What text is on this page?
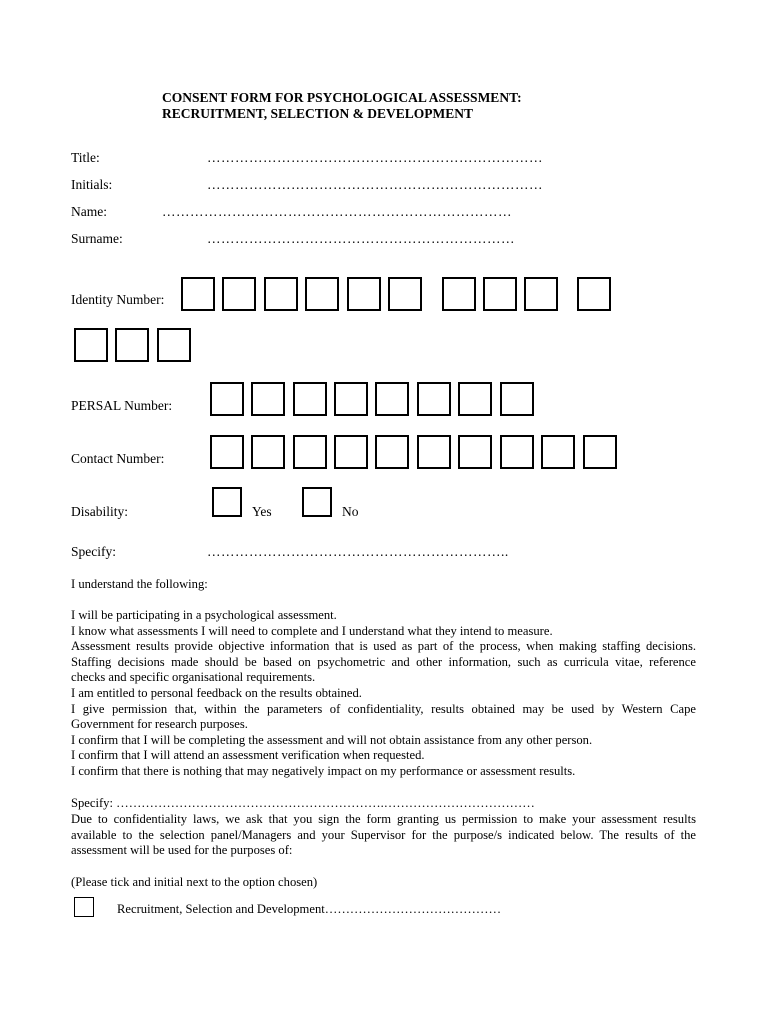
CONSENT FORM FOR PSYCHOLOGICAL ASSESSMENT:
RECRUITMENT, SELECTION & DEVELOPMENT
Title:	………………………………………………………………
Initials:	………………………………………………………………
Name:	…………………………………………………………………
Surname:	…………………………………………………………
Identity Number:
PERSAL Number:
Contact Number:
Disability:	Yes	No
Specify:	………………………………………………………..
I understand the following:
I will be participating in a psychological assessment.
I know what assessments I will need to complete and I understand what they intend to measure.
Assessment results provide objective information that is used as part of the process, when making staffing decisions.
Staffing decisions made should be based on psychometric and other information, such as curricula vitae, reference
checks and specific organisational requirements.
I am entitled to personal feedback on the results obtained.
I give permission that, within the parameters of confidentiality, results obtained may be used by Western Cape
Government for research purposes.
I confirm that I will be completing the assessment and will not obtain assistance from any other person.
I confirm that I will attend an assessment verification when requested.
I confirm that there is nothing that may negatively impact on my performance or assessment results.
Specify: ……………………………………………………….………………………………
Due to confidentiality laws, we ask that you sign the form granting us permission to make your assessment results
available to the selection panel/Managers and your Supervisor for the purpose/s indicated below. The results of the
assessment will be used for the purposes of:
(Please tick and initial next to the option chosen)
Recruitment, Selection and Development……………………………………
